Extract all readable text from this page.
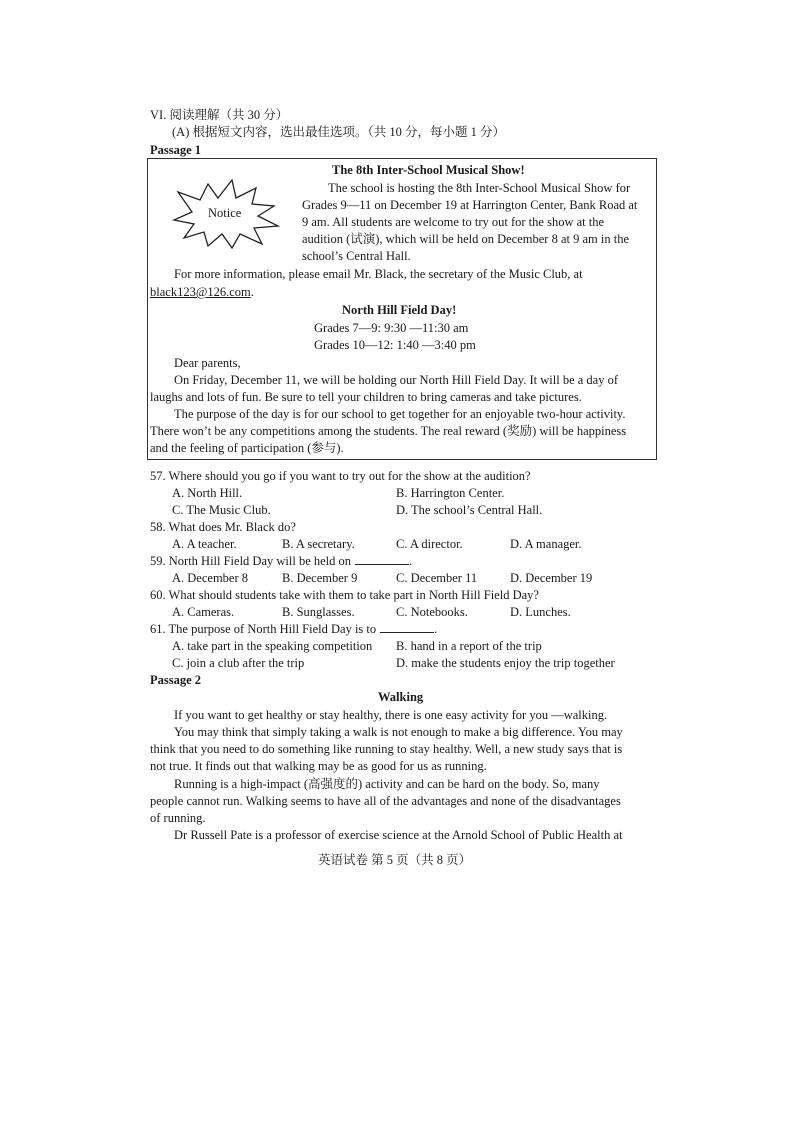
VI. 阅读理解（共 30 分）
(A) 根据短文内容，选出最佳选项。（共 10 分，每小题 1 分）
Passage 1
Notice
The 8th Inter-School Musical Show!
The school is hosting the 8th Inter-School Musical Show for
Grades 9—11 on December 19 at Harrington Center, Bank Road at
9 am. All students are welcome to try out for the show at the
audition (试演), which will be held on December 8 at 9 am in the
school’s Central Hall.
For more information, please email Mr. Black, the secretary of the Music Club, at
black123@126.com.
North Hill Field Day!
Grades 7—9: 9:30 —11:30 am
Grades 10—12: 1:40 —3:40 pm
Dear parents,
On Friday, December 11, we will be holding our North Hill Field Day. It will be a day of
laughs and lots of fun. Be sure to tell your children to bring cameras and take pictures.
The purpose of the day is for our school to get together for an enjoyable two-hour activity.
There won’t be any competitions among the students. The real reward (奖励) will be happiness
and the feeling of participation (参与).
57. Where should you go if you want to try out for the show at the audition?
A. North Hill.	B. Harrington Center.
C. The Music Club.	D. The school’s Central Hall.
58. What does Mr. Black do?
A. A teacher.	B. A secretary.	C. A director.	D. A manager.
59. North Hill Field Day will be held on	.
A. December 8	B. December 9	C. December 11	D. December 19
60. What should students take with them to take part in North Hill Field Day?
A. Cameras.	B. Sunglasses.	C. Notebooks.	D. Lunches.
61. The purpose of North Hill Field Day is to	.
A. take part in the speaking competition B. hand in a report of the trip
C. join a club after the trip	D. make the students enjoy the trip together
Passage 2
Walking
If you want to get healthy or stay healthy, there is one easy activity for you —walking.
You may think that simply taking a walk is not enough to make a big difference. You may
think that you need to do something like running to stay healthy. Well, a new study says that is
not true. It finds out that walking may be as good for us as running.
Running is a high-impact (高强度的) activity and can be hard on the body. So, many
people cannot run. Walking seems to have all of the advantages and none of the disadvantages
of running.
Dr Russell Pate is a professor of exercise science at the Arnold School of Public Health at
英语试卷 第 5 页（共 8 页）
